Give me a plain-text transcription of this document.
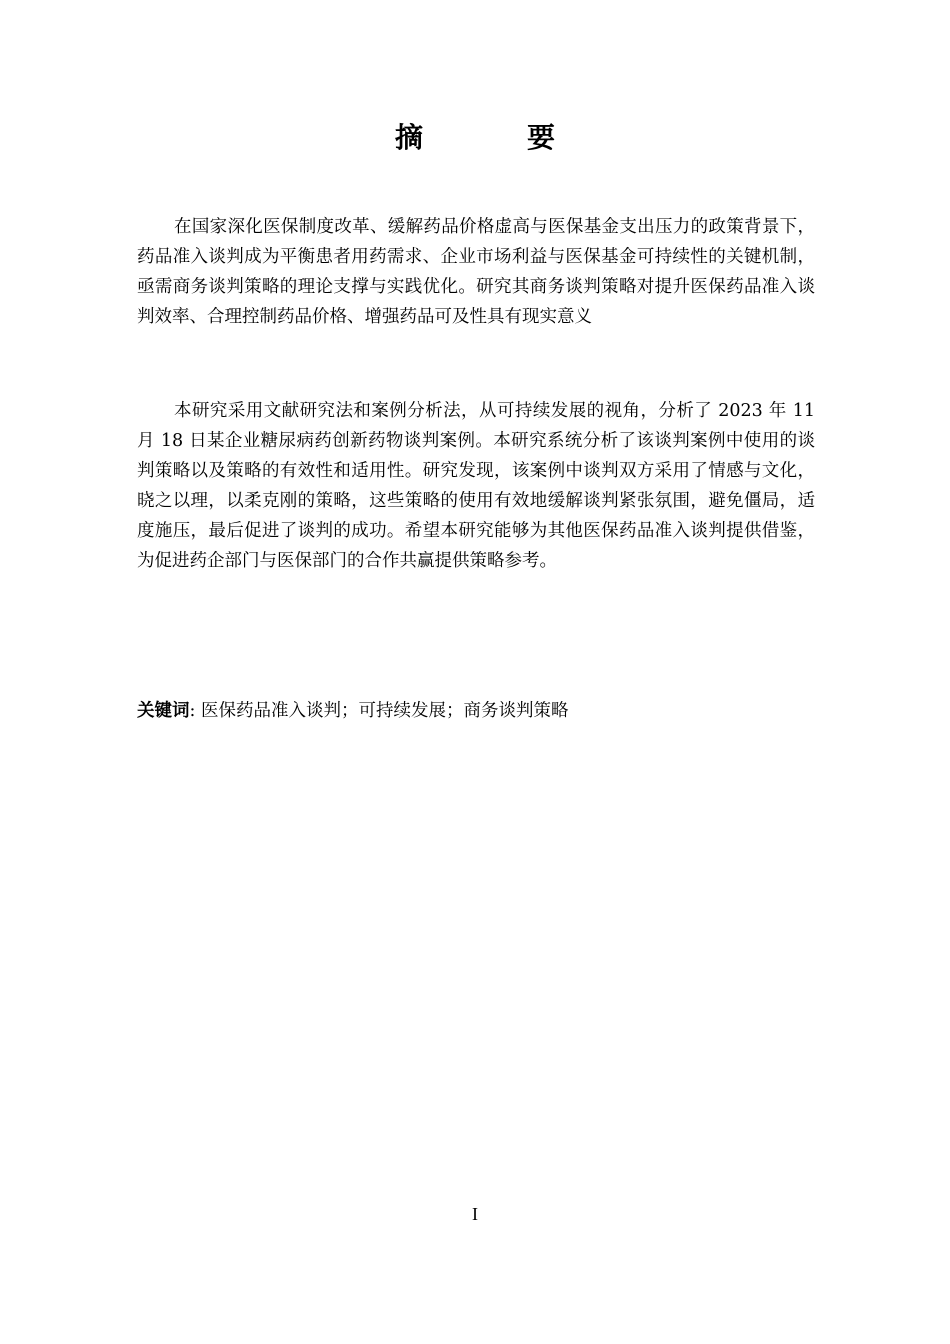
摘　要

在国家深化医保制度改革、缓解药品价格虚高与医保基金支出压力的政策背景下，药品准入谈判成为平衡患者用药需求、企业市场利益与医保基金可持续性的关键机制，亟需商务谈判策略的理论支撑与实践优化。研究其商务谈判策略对提升医保药品准入谈判效率、合理控制药品价格、增强药品可及性具有现实意义

本研究采用文献研究法和案例分析法，从可持续发展的视角，分析了 2023 年 11 月 18 日某企业糖尿病药创新药物谈判案例。本研究系统分析了该谈判案例中使用的谈判策略以及策略的有效性和适用性。研究发现，该案例中谈判双方采用了情感与文化，晓之以理，以柔克刚的策略，这些策略的使用有效地缓解谈判紧张氛围，避免僵局，适度施压，最后促进了谈判的成功。希望本研究能够为其他医保药品准入谈判提供借鉴，为促进药企部门与医保部门的合作共赢提供策略参考。

关键词: 医保药品准入谈判；可持续发展；商务谈判策略

I
